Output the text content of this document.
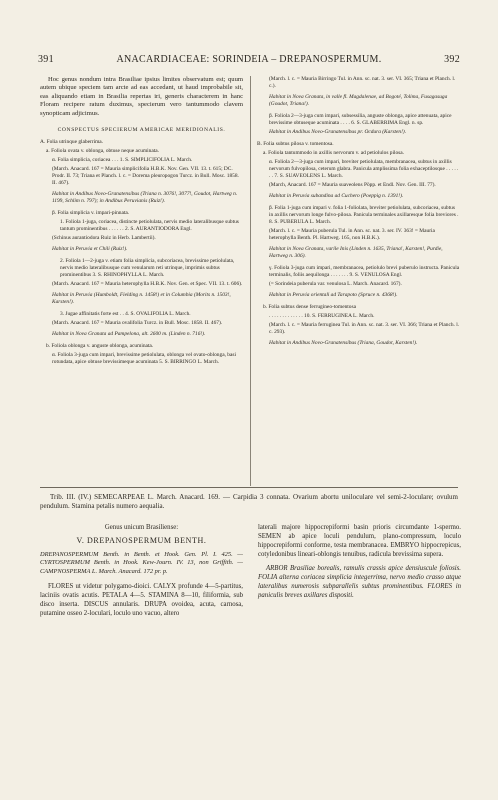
391	ANACARDIACEAE: SORINDEIA – DREPANOSPERMUM.	392

Hoc genus nondum intra Brasiliae ipsius limites observatum est; quum autem ubique speciem tam arcte ad eas accedant, ut haud improbabile sit, eas aliquando etiam in Brasilia repertas iri, generis characterem in hanc Floram recipere ratum duximus, specierum vero tantummodo clavem synopticam adjicimus.

CONSPECTUS SPECIERUM AMERICAE MERIDIONALIS.

A. Folia utrinque glaberrima.

a. Foliola ovata v. oblonga, obtuse neque acuminata.

α. Folia simplicia, coriacea . . . 1. S. SIMPLICIFOLIA L. March.

(March. Anacard. 167 = Mauria simplicifolia H.B.K. Nov. Gen. VII. 13. t. 615; DC. Prodr. II. 73; Triana et Planch. l. c. = Dorema pleuropogon Turcz. in Bull. Mosc. 1858. II. 467).

Habitat in Andibus Novo-Granatensibus (Triana n. 3076!, 3077!, Goudot, Hartweg n. 1199, Schlim n. 797); in Andibus Peruvianis (Ruiz!).

β. Folia simplicia v. impari-pinnata.

1. Foliola 1-juga, coriacea, distincte petiolulata, nervis medio lateralibusque subtus tantum prominentibus . . . . . . 2. S. AURANTIODORA Engl.

(Schinus aurantiodora Ruiz in Herb. Lambertii).

Habitat in Peruvia et Chili (Ruiz!).

2. Foliola 1—2-juga v. etiam folia simplicia, subcoriacea, brevissime petiolulata, nervis medio lateralibusque cum venularum reti utrinque, imprimis subtus prominentibus 3. S. RHINOPHYLLA L. March.

(March. Anacard. 167 = Mauria heterophylla H.B.K. Nov. Gen. et Spec. VII. 13. t. 606).

Habitat in Peruvia (Humboldt, Fielding n. 1458!) et in Columbia (Morits n. 1503!, Karsten!).

3. Jugae affinitatis forte est . . 4. S. OVALIFOLIA L. March.

(March. Anacard. 167 = Mauria ovalifolia Turcz. in Bull. Mosc. 1858. II. 467).

Habitat in Nova Granata ad Pampelona, alt. 2600 m. (Linden n. 716!).

b. Foliola oblonga v. anguste oblonga, acuminata.

α. Foliola 3-juga cum impari, brevissime petiolulata, oblonga vel ovato-oblonga, basi rotundata, apice obtuse brevissimeque acuminata 5. S. BIRRINGO L. March.

(March. l. c. = Mauria Birringo Tul. in Ann. sc. nat. 3. ser. VI. 365; Triana et Planch. l. c.).

Habitat in Nova Granata, in valle fl. Magdalenae, ad Bogoté, Tolima, Fusagasuga (Goudot, Triana!).

β. Foliola 2—3-juga cum impari, subsessilia, anguste oblonga, apice attenuata, apice brevissime obtuseque acuminata . . . . 6. S. GLABERRIMA Engl. n. sp.

Habitat in Andibus Novo-Granatensibus pr. Ocdura (Karsten!).

B. Folia subtus pilosa v. tomentosa.

a. Foliola tantummodo in axillis nervorum v. ad petiolulos pilosa.

α. Foliola 2—3-juga cum impari, breviter petiolulata, membranacea, subtus in axillis nervorum fulvopilosa, ceterum glabra. Panicula amplissima folia exhaceptilosque . . . . . . . 7. S. SUAVEOLENS L. March.

(March, Anacard. 167 = Mauria suaveolens Pöpp. et Endl. Nov. Gen. III. 77).

Habitat in Peruvia subandina ad Cuchero (Poeppig n. 1391!).

β. Folia 1-juga cum impari v. folia 1-foliolata, breviter petiolulata, subcoriacea, subtus in axillis nervorum longe fulvo-pilosa. Panicula terminales axillaresque folia breviores . 8. S. PUBERULA L. March.

(March. l. c. = Mauria puberula Tul. in Ann. sc. nat. 3. ser. IV. 363! = Mauria heterophylla Benth. Pl. Hartweg. 165, non H.B.K.).

Habitat in Nova Granata, varile Inis (Linden n. 1635, Triana!, Karsten!, Purdie, Hartweg n. 306).

γ. Foliola 3-juga cum impari, membranacea, petiolulo brevi puberulo instructa. Panicula terminalis, foliis aequilonga . . . . . . . 9. S. VENULOSA Engl.

(= Sorindeia puberula var. venulosa L. March. Anacard. 167).

Habitat in Peruvia orientali ad Tarapoto (Spruce n. 4368!).

b. Folia subtus dense ferrugineo-tomentosa

. . . . . . . . . . . . . 10. S. FERRUGINEA L. March.

(March. l. c. = Mauria ferruginea Tul. in Ann. sc. nat. 3. ser. VI. 366; Triana et Planch. l. c. 293).

Habitat in Andibus Novo-Granatensibus (Triana, Goudot, Karsten!).

Trib. III. (IV.) SEMECARPEAE L. March. Anacard. 169. — Carpidia 3 connata. Ovarium abortu uniloculare vel semi-2-loculare; ovulum pendulum. Stamina petalis numero aequalia.

Genus unicum Brasiliense:
V. DREPANOSPERMUM BENTH.

DREPANOSPERMUM Benth. in Benth. et Hook. Gen. Pl. I. 425. — CYRTOSPERMUM Benth. in Hook. Kew-Journ. IV. 13, non Griffith. — CAMPNOSPERMA L. March. Anacard. 172 pr. p.

FLORES ut videtur polygamo-dioici. CALYX profunde 4—5-partitus, laciniis ovatis acutis. PETALA 4—5. STAMINA 8—10, filiformia, sub disco inserta. DISCUS annularis. DRUPA ovoidea, acuta, carnosa, putamine osseo 2-loculari, loculo uno vacuo, altero

laterali majore hippocrepiformi basin prioris circumdante 1-spermo. SEMEN ab apice loculi pendulum, plano-compressum, loculo hippocrepiformi conforme, testa membranacea. EMBRYO hippocrepicus, cotyledonibus lineari-oblongis tenuibus, radicula brevissima supera.

ARBOR Brasiliae borealis, ramulis crassis apice densiuscule foliosis. FOLIA alterna coriacea simplicia integerrima, nervo medio crasso atque lateralibus numerosis subparallelis subtus prominentibus. FLORES in paniculis breves axillares dispositi.
